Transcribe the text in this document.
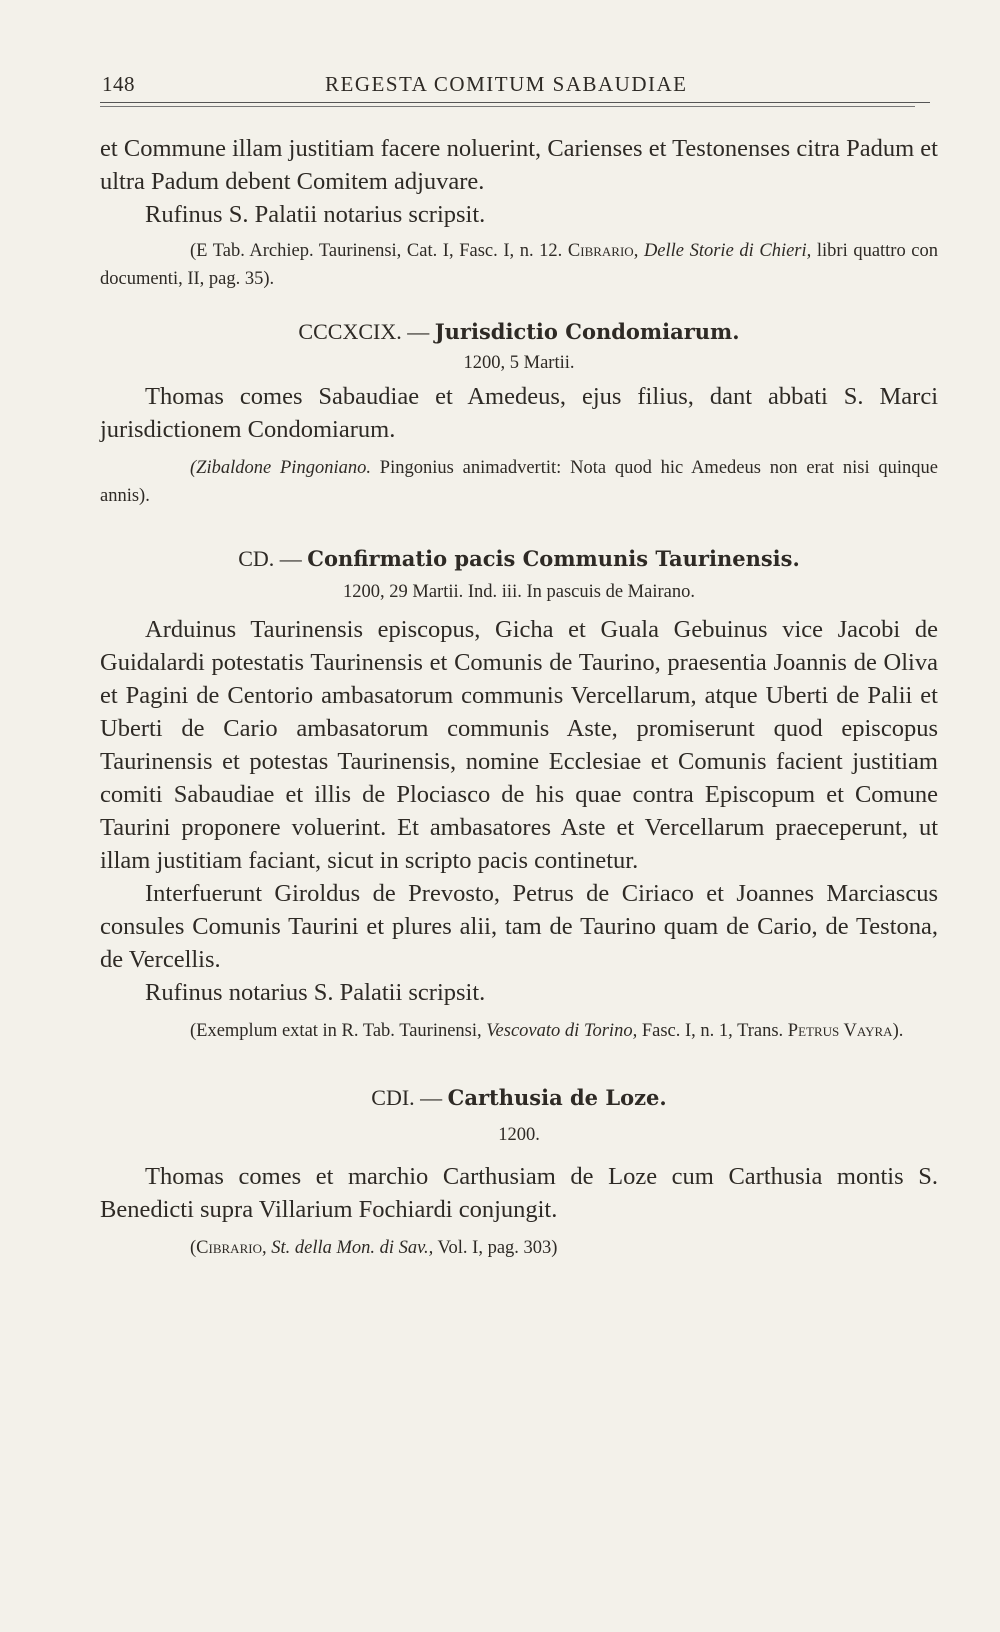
148	REGESTA COMITUM SABAUDIAE

et Commune illam justitiam facere noluerint, Carienses et Testonenses citra Padum et ultra Padum debent Comitem adjuvare.

Rufinus S. Palatii notarius scripsit.

(E Tab. Archiep. Taurinensi, Cat. I, Fasc. I, n. 12. Cibrario, Delle Storie di Chieri, libri quattro con documenti, II, pag. 35).

CCCXCIX. — Jurisdictio Condomiarum.

1200, 5 Martii.

Thomas comes Sabaudiae et Amedeus, ejus filius, dant abbati S. Marci jurisdictionem Condomiarum.

(Zibaldone Pingoniano. Pingonius animadvertit: Nota quod hic Amedeus non erat nisi quinque annis).

CD. — Confirmatio pacis Communis Taurinensis.

1200, 29 Martii. Ind. iii. In pascuis de Mairano.

Arduinus Taurinensis episcopus, Gicha et Guala Gebuinus vice Jacobi de Guidalardi potestatis Taurinensis et Comunis de Taurino, praesentia Joannis de Oliva et Pagini de Centorio ambasatorum communis Vercellarum, atque Uberti de Palii et Uberti de Cario ambasatorum communis Aste, promiserunt quod episcopus Taurinensis et potestas Taurinensis, nomine Ecclesiae et Comunis facient justitiam comiti Sabaudiae et illis de Plociasco de his quae contra Episcopum et Comune Taurini proponere voluerint. Et ambasatores Aste et Vercellarum praeceperunt, ut illam justitiam faciant, sicut in scripto pacis continetur.

Interfuerunt Giroldus de Prevosto, Petrus de Ciriaco et Joannes Marciascus consules Comunis Taurini et plures alii, tam de Taurino quam de Cario, de Testona, de Vercellis.

Rufinus notarius S. Palatii scripsit.

(Exemplum extat in R. Tab. Taurinensi, Vescovato di Torino, Fasc. I, n. 1, Trans. Petrus Vayra).

CDI. — Carthusia de Loze.

1200.

Thomas comes et marchio Carthusiam de Loze cum Carthusia montis S. Benedicti supra Villarium Fochiardi conjungit.

(Cibrario, St. della Mon. di Sav., Vol. I, pag. 303)
